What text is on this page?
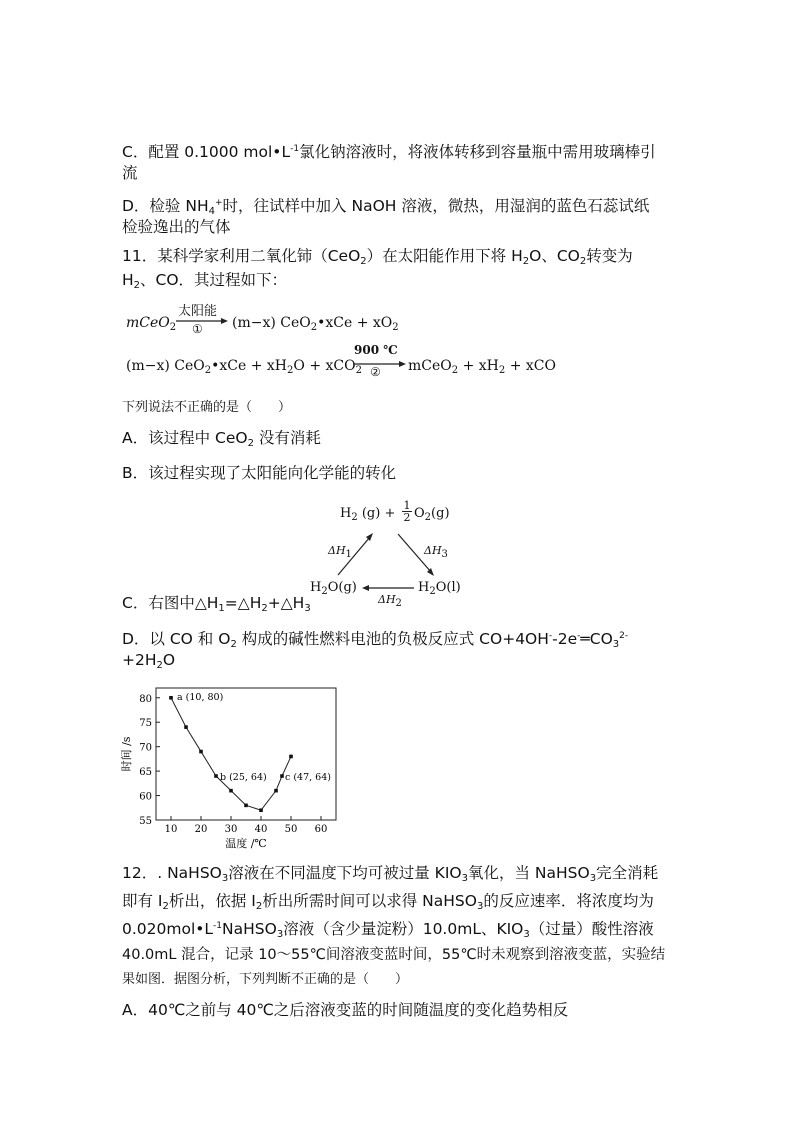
C．配置 0.1000 $mol•L^{-1}$氯化钠溶液时，将液体转移到容量瓶中需用玻璃棒引
流
D．检验 $NH_4^+$时，往试样中加入 NaOH 溶液，微热，用湿润的蓝色石蕊试纸
检验逸出的气体
11．某科学家利用二氧化铈（CeO$_2$）在太阳能作用下将 $H_2O$、$CO_2$转变为
$H_2$、CO．其过程如下：
mCeO$_2$
太阳能
① (m−x) CeO$_2$•xCe + $xO_2$
(m−x) CeO$_2$•xCe + $xH_2O + xCO_2$
900 ℃
② mCeO$_2$ + $xH_2$ + xCO
下列说法不正确的是（　　）
A．该过程中 CeO$_2$ 没有消耗
B．该过程实现了太阳能向化学能的转化
$H_2$ $(g) + \frac{1}{2} O_2(g)$
$\Delta H_1$	$\Delta H_3$
$H_2O(g)$	$H_2O(l)$
$\Delta H_2$
C．右图中$\triangle H_1=\triangle H_2+\triangle H_3$
D．以 CO 和 $O_2$ 构成的碱性燃料电池的负极反应式 $CO+4OH^--2e^-═CO_3^{2-}$
$+2H_2O$
10 20 30 40 50 60
55
60
65
70
75
80
温度 /℃
时间 /s
a (10, 80)
b (25, 64) c (47, 64)
12．. NaHSO$_3$溶液在不同温度下均可被过量 $KIO_3$氧化，当 NaHSO$_3$完全消耗
即有 $I_2$析出，依据 $I_2$析出所需时间可以求得 NaHSO$_3$的反应速率．将浓度均为
$0.020mol•L^{-1}NaHSO_3$溶液（含少量淀粉）10.0mL、$KIO_3$（过量）酸性溶液
40.0mL 混合，记录 10～55℃间溶液变蓝时间，55℃时未观察到溶液变蓝，实验结
果如图．据图分析，下列判断不正确的是（　　）
A．40℃之前与 40℃之后溶液变蓝的时间随温度的变化趋势相反
